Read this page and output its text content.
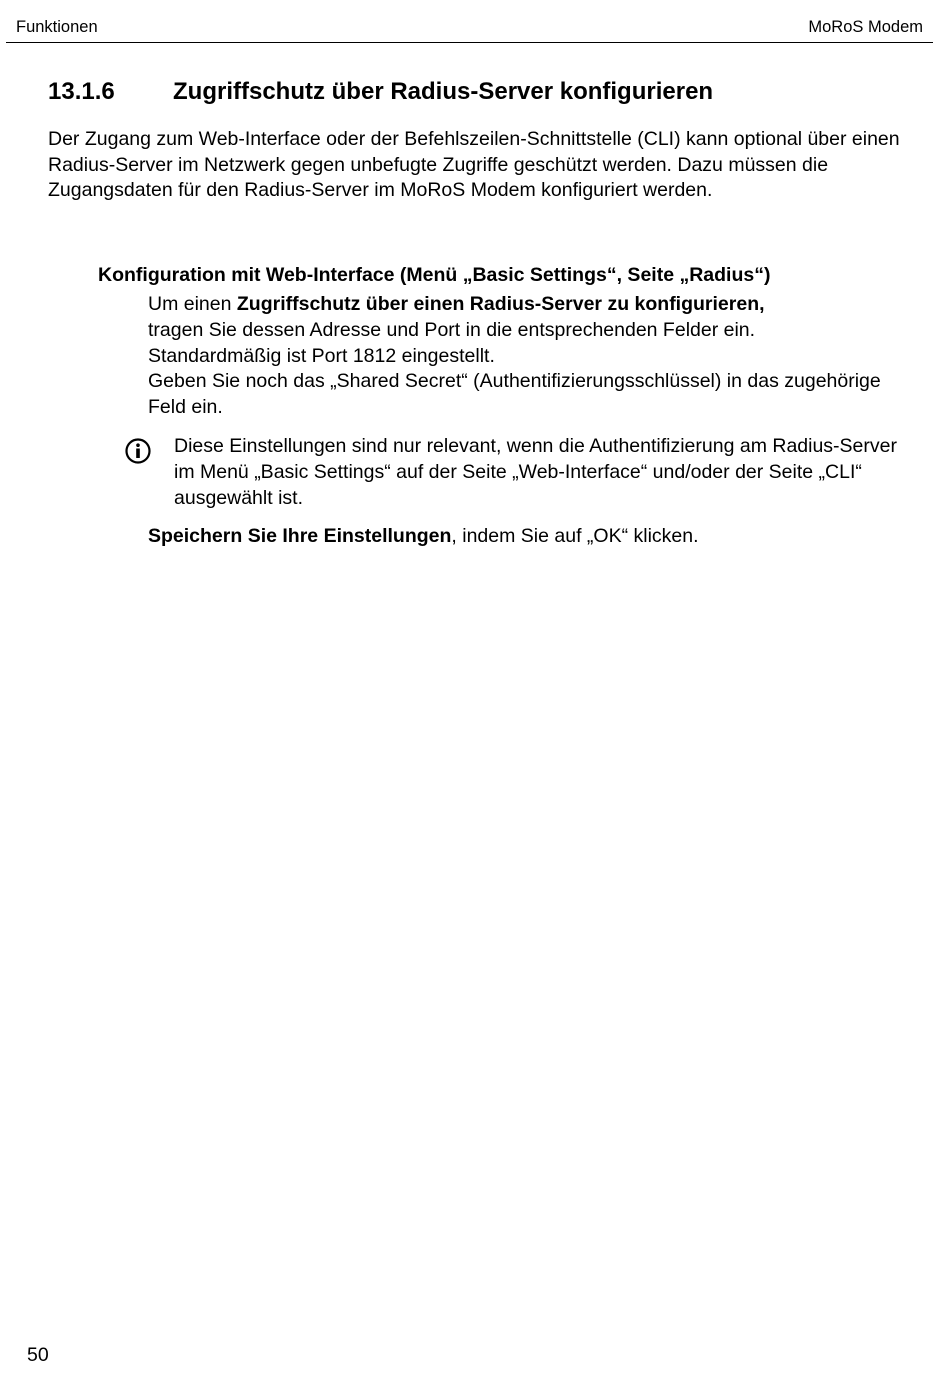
Funktionen	MoRoS Modem
13.1.6 Zugriffschutz über Radius-Server konfigurieren

Der Zugang zum Web-Interface oder der Befehlszeilen-Schnittstelle (CLI) kann optional über einen Radius-Server im Netzwerk gegen unbefugte Zugriffe geschützt werden. Dazu müssen die Zugangsdaten für den Radius-Server im MoRoS Modem konfiguriert werden.

Konfiguration mit Web-Interface (Menü „Basic Settings“, Seite „Radius“)
Um einen Zugriffschutz über einen Radius-Server zu konfigurieren,
tragen Sie dessen Adresse und Port in die entsprechenden Felder ein.
Standardmäßig ist Port 1812 eingestellt.
Geben Sie noch das „Shared Secret“ (Authentifizierungsschlüssel) in das zugehörige Feld ein.

Diese Einstellungen sind nur relevant, wenn die Authentifizierung am Radius-Server im Menü „Basic Settings“ auf der Seite „Web-Interface“ und/oder der Seite „CLI“ ausgewählt ist.

Speichern Sie Ihre Einstellungen, indem Sie auf „OK“ klicken.

50
